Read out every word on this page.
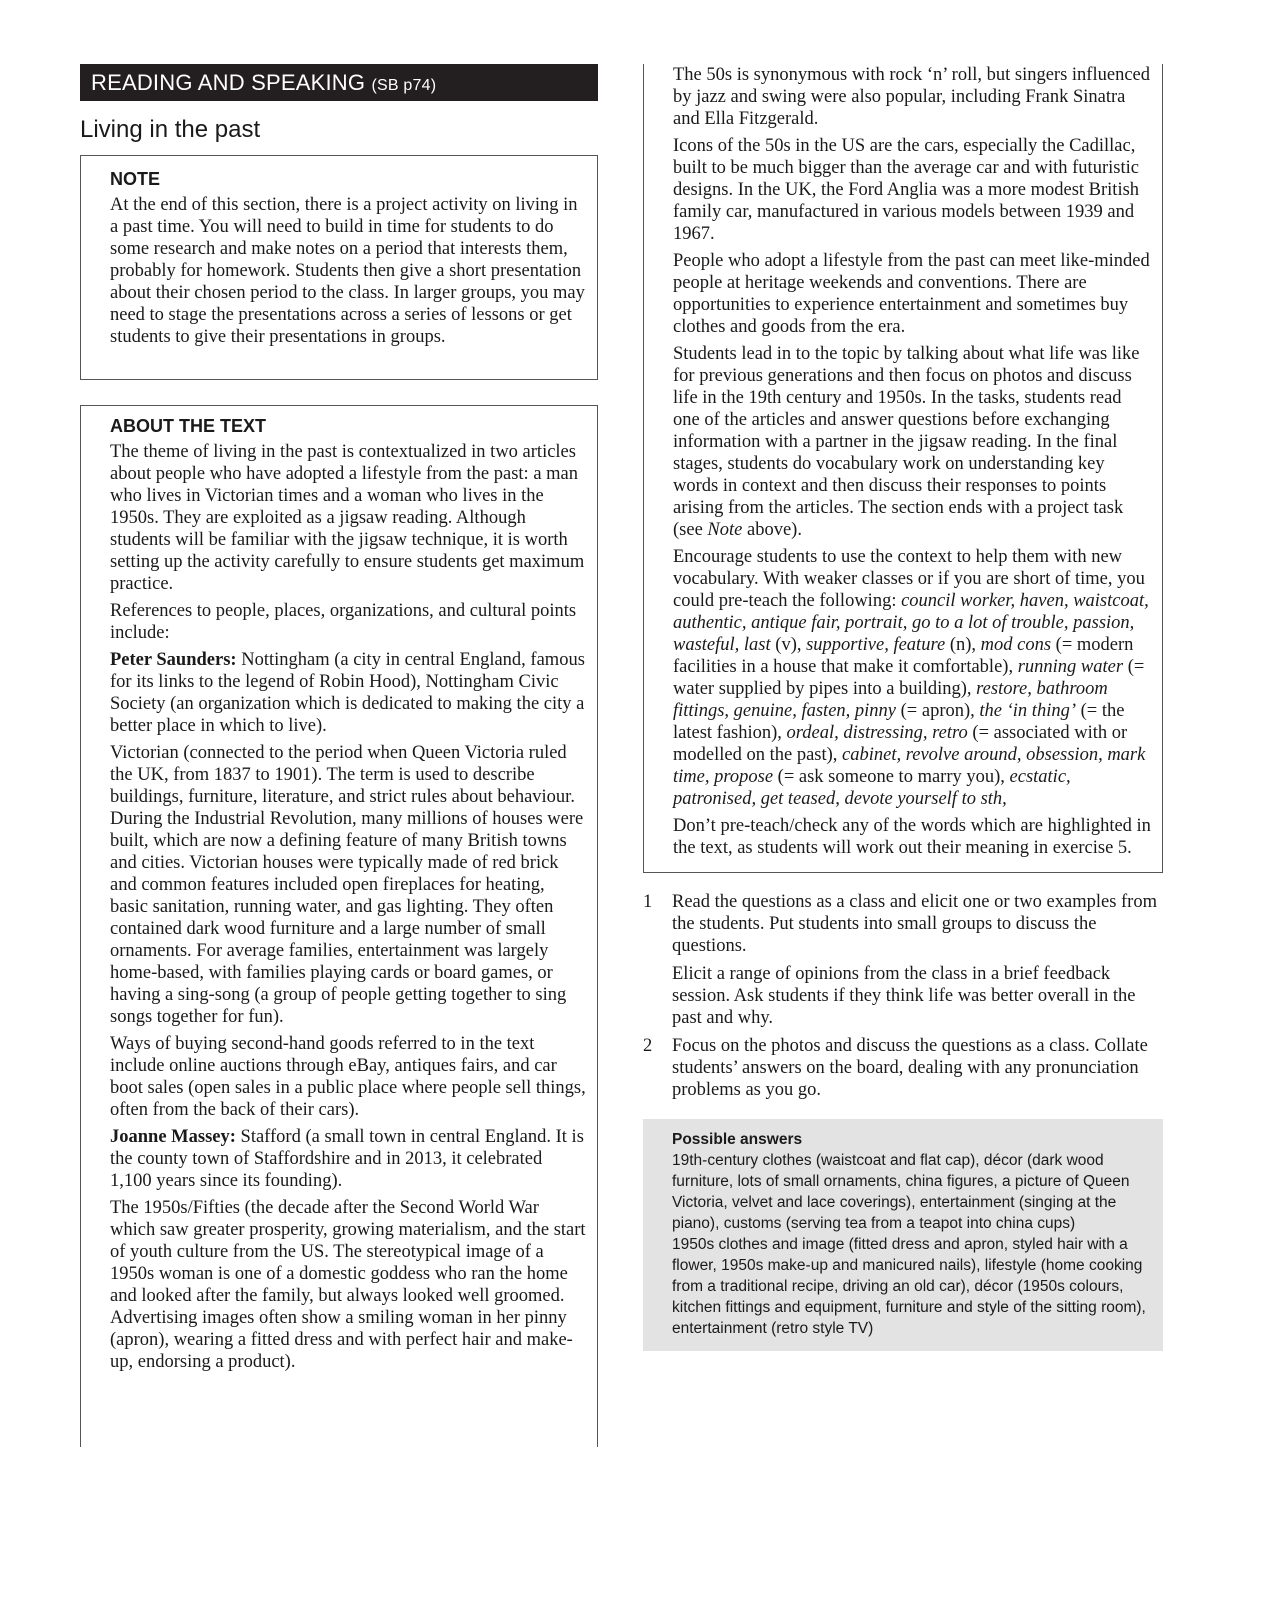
READING AND SPEAKING (SB p74)
Living in the past
NOTE

At the end of this section, there is a project activity on living in a past time. You will need to build in time for students to do some research and make notes on a period that interests them, probably for homework. Students then give a short presentation about their chosen period to the class. In larger groups, you may need to stage the presentations across a series of lessons or get students to give their presentations in groups.

ABOUT THE TEXT

The theme of living in the past is contextualized in two articles about people who have adopted a lifestyle from the past: a man who lives in Victorian times and a woman who lives in the 1950s. They are exploited as a jigsaw reading. Although students will be familiar with the jigsaw technique, it is worth setting up the activity carefully to ensure students get maximum practice.

References to people, places, organizations, and cultural points include:

Peter Saunders: Nottingham (a city in central England, famous for its links to the legend of Robin Hood), Nottingham Civic Society (an organization which is dedicated to making the city a better place in which to live).

Victorian (connected to the period when Queen Victoria ruled the UK, from 1837 to 1901). The term is used to describe buildings, furniture, literature, and strict rules about behaviour. During the Industrial Revolution, many millions of houses were built, which are now a defining feature of many British towns and cities. Victorian houses were typically made of red brick and common features included open fireplaces for heating, basic sanitation, running water, and gas lighting. They often contained dark wood furniture and a large number of small ornaments. For average families, entertainment was largely home-based, with families playing cards or board games, or having a sing-song (a group of people getting together to sing songs together for fun).

Ways of buying second-hand goods referred to in the text include online auctions through eBay, antiques fairs, and car boot sales (open sales in a public place where people sell things, often from the back of their cars).

Joanne Massey: Stafford (a small town in central England. It is the county town of Staffordshire and in 2013, it celebrated 1,100 years since its founding).

The 1950s/Fifties (the decade after the Second World War which saw greater prosperity, growing materialism, and the start of youth culture from the US. The stereotypical image of a 1950s woman is one of a domestic goddess who ran the home and looked after the family, but always looked well groomed. Advertising images often show a smiling woman in her pinny (apron), wearing a fitted dress and with perfect hair and make-up, endorsing a product).

The 50s is synonymous with rock ‘n’ roll, but singers influenced by jazz and swing were also popular, including Frank Sinatra and Ella Fitzgerald.

Icons of the 50s in the US are the cars, especially the Cadillac, built to be much bigger than the average car and with futuristic designs. In the UK, the Ford Anglia was a more modest British family car, manufactured in various models between 1939 and 1967.

People who adopt a lifestyle from the past can meet like-minded people at heritage weekends and conventions. There are opportunities to experience entertainment and sometimes buy clothes and goods from the era.

Students lead in to the topic by talking about what life was like for previous generations and then focus on photos and discuss life in the 19th century and 1950s. In the tasks, students read one of the articles and answer questions before exchanging information with a partner in the jigsaw reading. In the final stages, students do vocabulary work on understanding key words in context and then discuss their responses to points arising from the articles. The section ends with a project task (see Note above).

Encourage students to use the context to help them with new vocabulary. With weaker classes or if you are short of time, you could pre-teach the following: council worker, haven, waistcoat, authentic, antique fair, portrait, go to a lot of trouble, passion, wasteful, last (v), supportive, feature (n), mod cons (= modern facilities in a house that make it comfortable), running water (= water supplied by pipes into a building), restore, bathroom fittings, genuine, fasten, pinny (= apron), the ‘in thing’ (= the latest fashion), ordeal, distressing, retro (= associated with or modelled on the past), cabinet, revolve around, obsession, mark time, propose (= ask someone to marry you), ecstatic, patronised, get teased, devote yourself to sth,

Don’t pre-teach/check any of the words which are highlighted in the text, as students will work out their meaning in exercise 5.

1 Read the questions as a class and elicit one or two examples from the students. Put students into small groups to discuss the questions.

Elicit a range of opinions from the class in a brief feedback session. Ask students if they think life was better overall in the past and why.

2 Focus on the photos and discuss the questions as a class. Collate students’ answers on the board, dealing with any pronunciation problems as you go.

Possible answers
19th-century clothes (waistcoat and flat cap), décor (dark wood furniture, lots of small ornaments, china figures, a picture of Queen Victoria, velvet and lace coverings), entertainment (singing at the piano), customs (serving tea from a teapot into china cups)
1950s clothes and image (fitted dress and apron, styled hair with a flower, 1950s make-up and manicured nails), lifestyle (home cooking from a traditional recipe, driving an old car), décor (1950s colours, kitchen fittings and equipment, furniture and style of the sitting room), entertainment (retro style TV)
